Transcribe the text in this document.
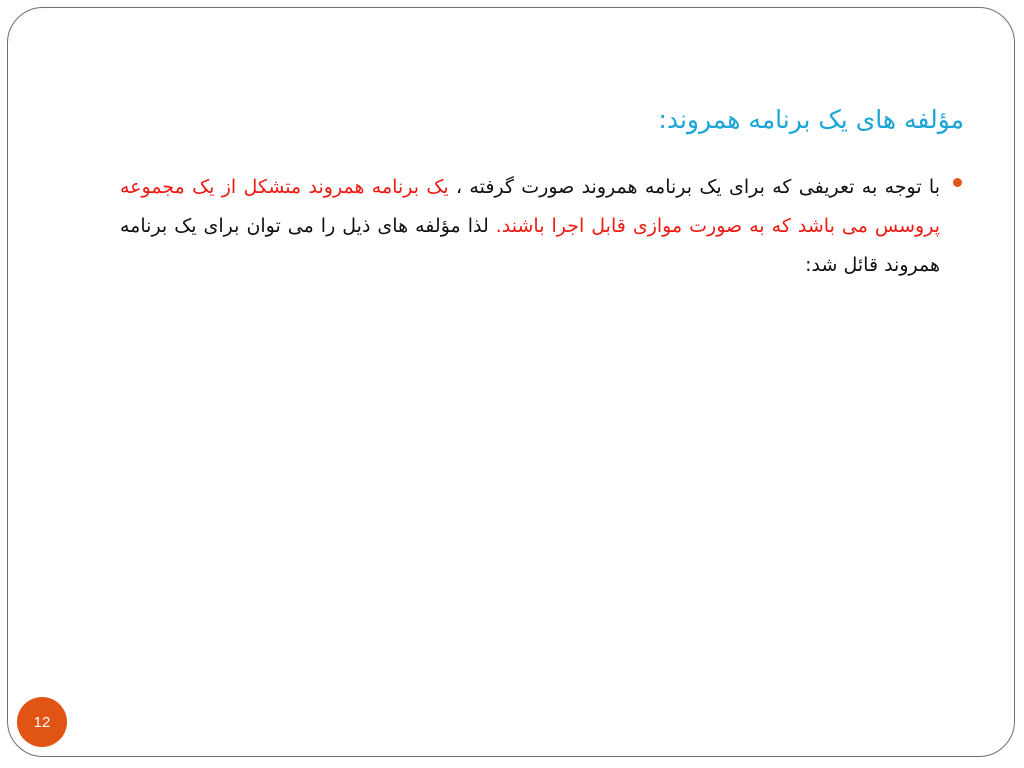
مؤلفه های یک برنامه همروند:
با توجه به تعریفی که برای یک برنامه همروند صورت گرفته ، یک برنامه همروند متشکل از یک مجموعه پروسس می باشد که به صورت موازی قابل اجرا باشند. لذا مؤلفه های ذیل را می توان برای یک برنامه همروند قائل شد:
12
